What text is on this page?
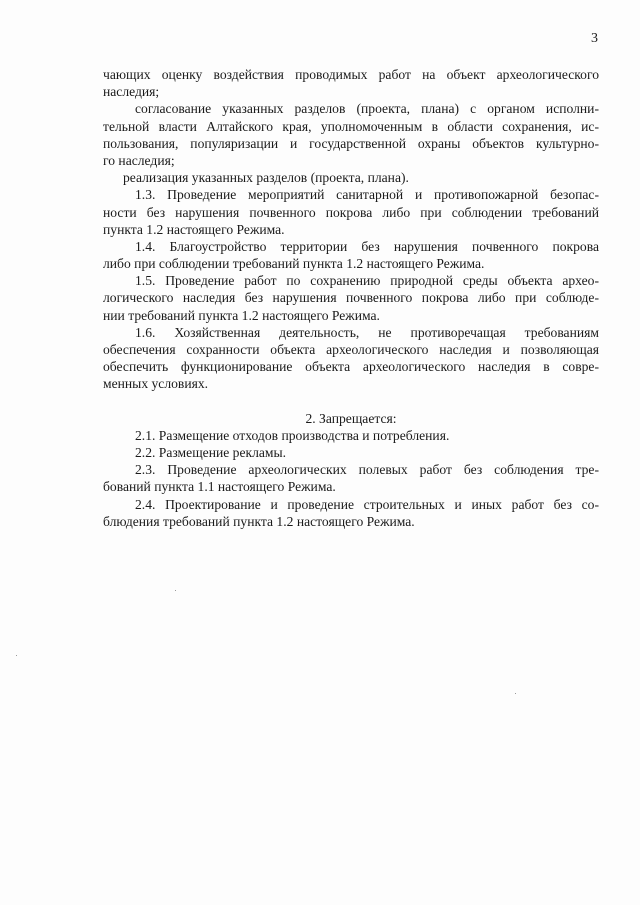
3
чающих оценку воздействия проводимых работ на объект археологического
наследия;
согласование указанных разделов (проекта, плана) с органом исполни-
тельной власти Алтайского края, уполномоченным в области сохранения, ис-
пользования, популяризации и государственной охраны объектов культурно-
го наследия;
реализация указанных разделов (проекта, плана).
1.3. Проведение мероприятий санитарной и противопожарной безопас-
ности без нарушения почвенного покрова либо при соблюдении требований
пункта 1.2 настоящего Режима.
1.4. Благоустройство территории без нарушения почвенного покрова
либо при соблюдении требований пункта 1.2 настоящего Режима.
1.5. Проведение работ по сохранению природной среды объекта архео-
логического наследия без нарушения почвенного покрова либо при соблюде-
нии требований пункта 1.2 настоящего Режима.
1.6. Хозяйственная деятельность, не противоречащая требованиям
обеспечения сохранности объекта археологического наследия и позволяющая
обеспечить функционирование объекта археологического наследия в совре-
менных условиях.
2. Запрещается:
2.1. Размещение отходов производства и потребления.
2.2. Размещение рекламы.
2.3. Проведение археологических полевых работ без соблюдения тре-
бований пункта 1.1 настоящего Режима.
2.4. Проектирование и проведение строительных и иных работ без со-
блюдения требований пункта 1.2 настоящего Режима.
